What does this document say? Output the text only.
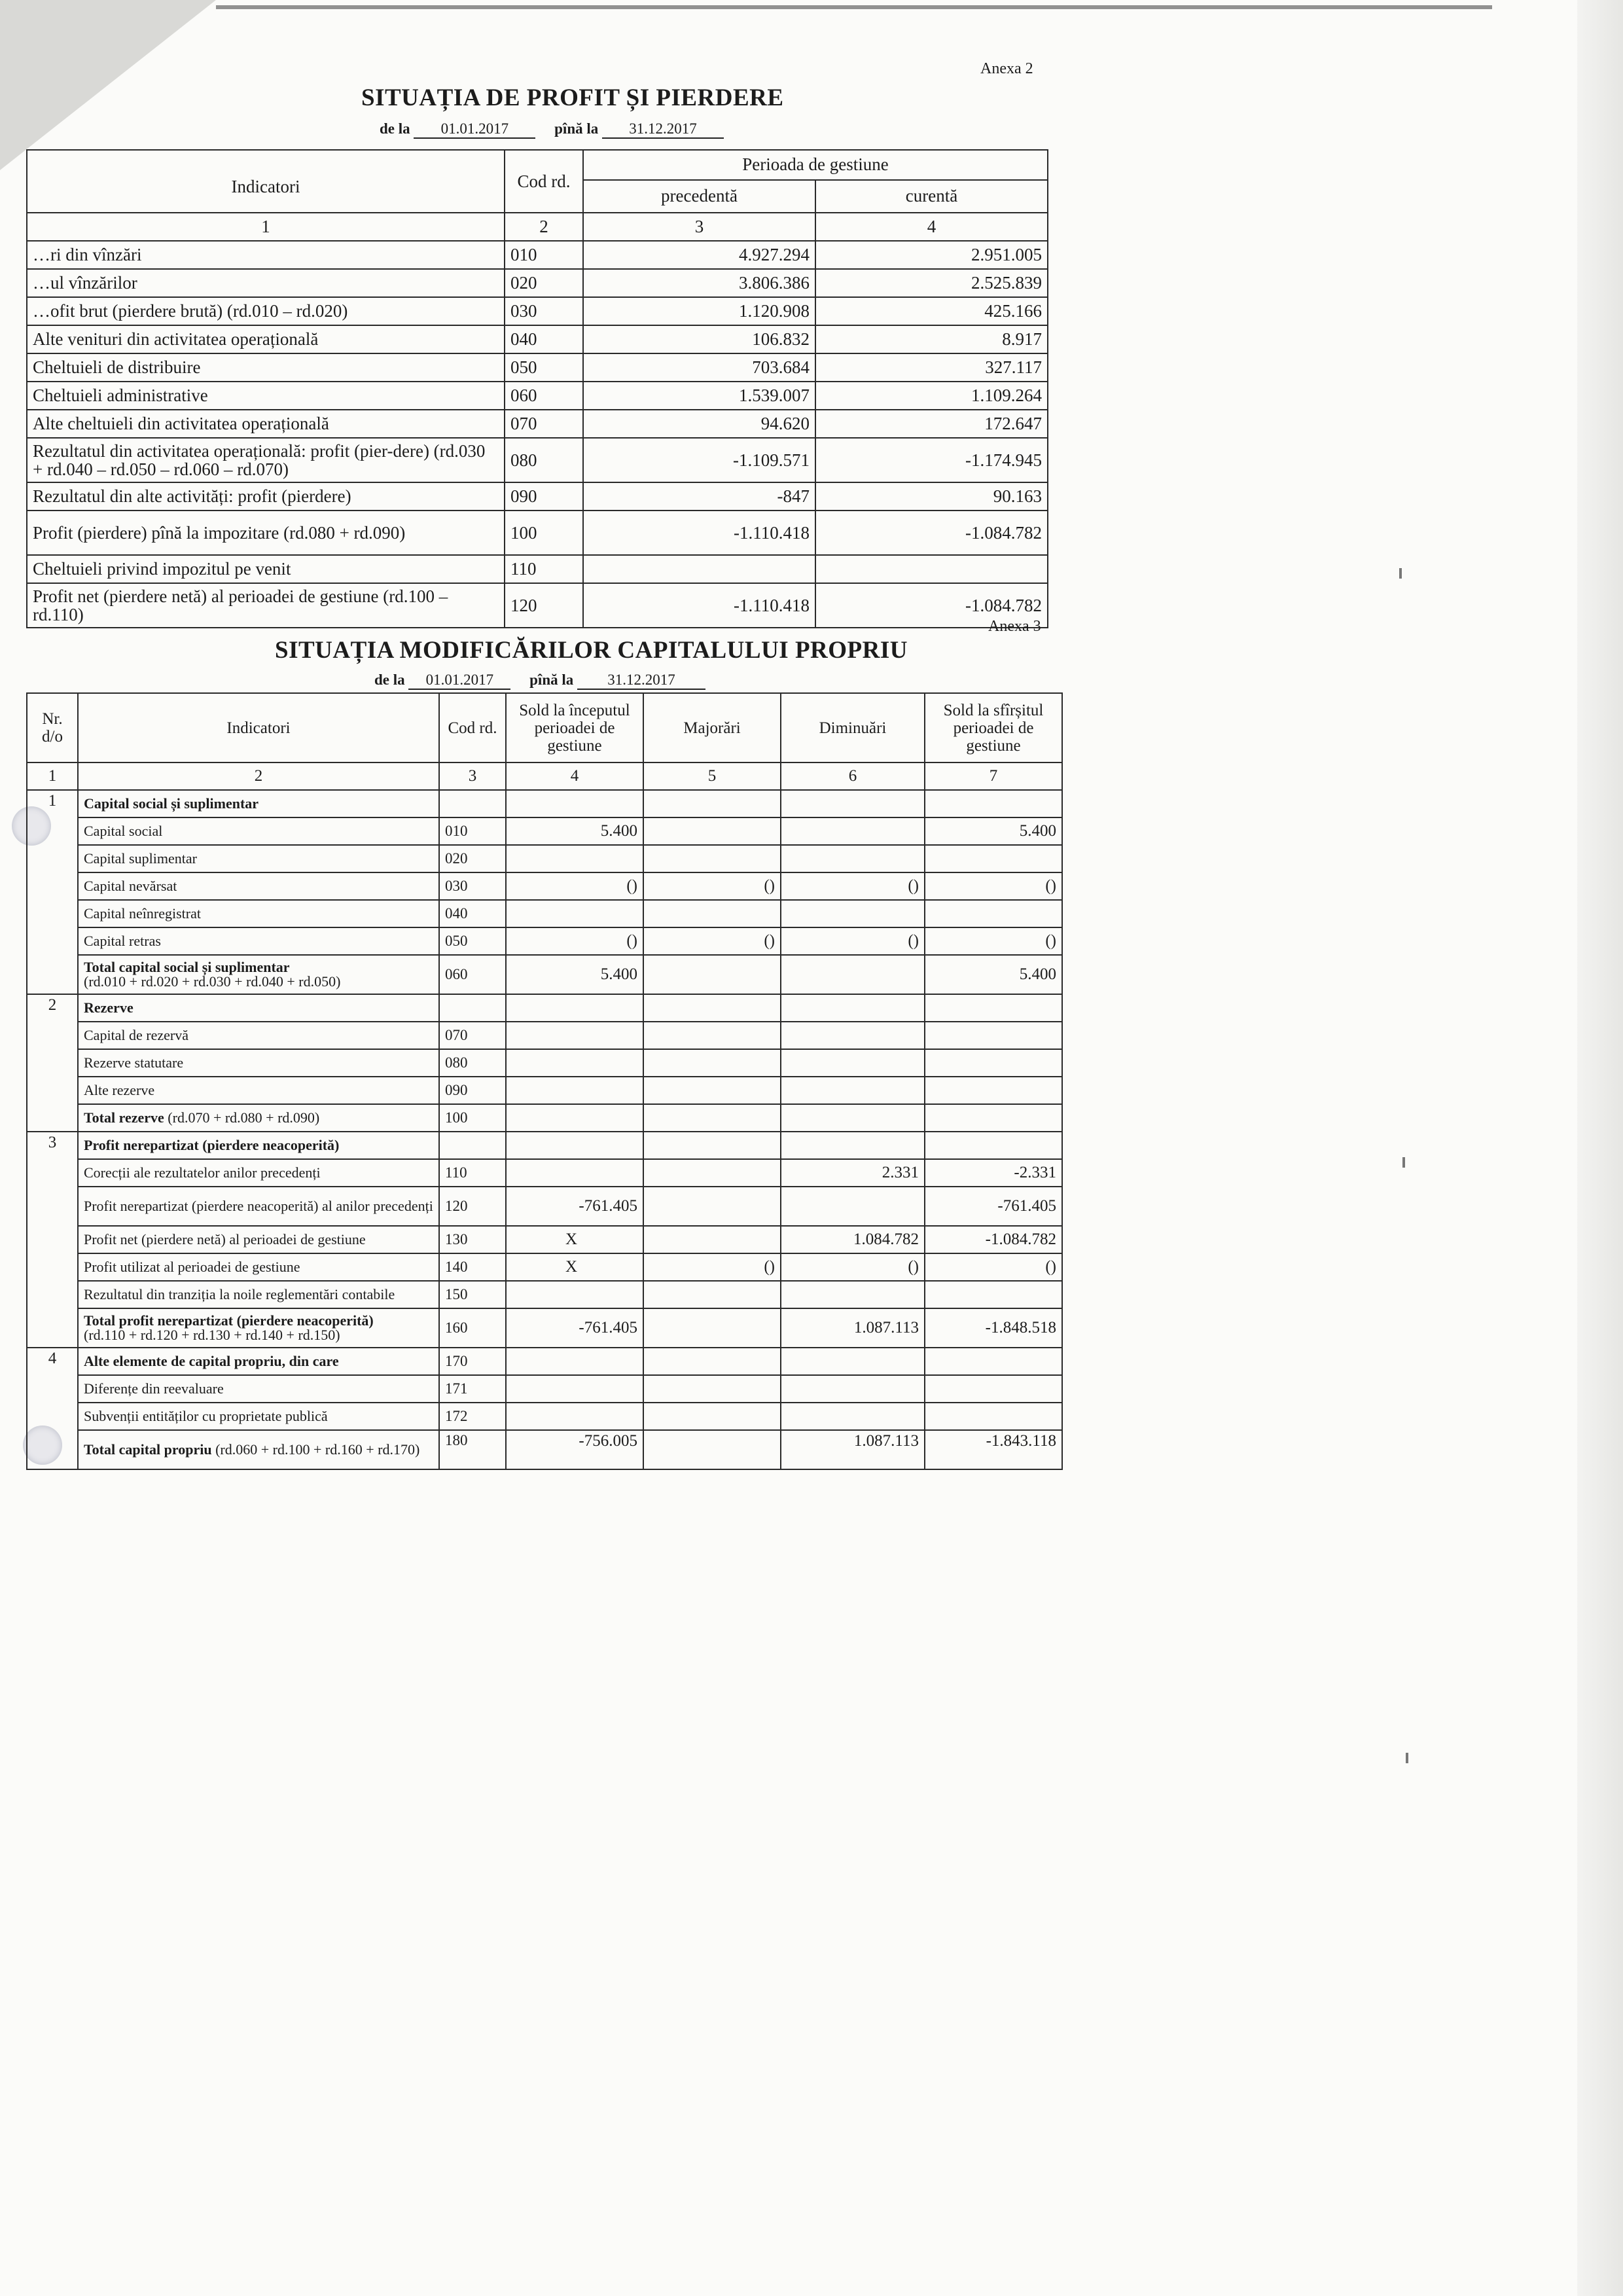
Anexa 2
SITUAȚIA DE PROFIT ȘI PIERDERE
de la 01.01.2017	pînă la 31.12.2017
Indicatori	Cod rd.	Perioada de gestiune	
		precedentă	curentă
1	2	3	4
…ri din vînzări	010	4.927.294	2.951.005
…ul vînzărilor	020	3.806.386	2.525.839
…ofit brut (pierdere brută) (rd.010 – rd.020)	030	1.120.908	425.166
Alte venituri din activitatea operațională	040	106.832	8.917
Cheltuieli de distribuire	050	703.684	327.117
Cheltuieli administrative	060	1.539.007	1.109.264
Alte cheltuieli din activitatea operațională	070	94.620	172.647
Rezultatul din activitatea operațională: profit (pier-dere) (rd.030 + rd.040 – rd.050 – rd.060 – rd.070)	080	-1.109.571	-1.174.945
Rezultatul din alte activități: profit (pierdere)	090	-847	90.163
Profit (pierdere) pînă la impozitare (rd.080 + rd.090)	100	-1.110.418	-1.084.782
Cheltuieli privind impozitul pe venit	110		
Profit net (pierdere netă) al perioadei de gestiune (rd.100 – rd.110)	120	-1.110.418	-1.084.782
Anexa 3
SITUAȚIA MODIFICĂRILOR CAPITALULUI PROPRIU
de la 01.01.2017 pînă la 31.12.2017
Nr. d/o	Indicatori	Cod rd.	Sold la începutul perioadei de gestiune	Majorări	Diminuări	Sold la sfîrșitul perioadei de gestiune
1	2	3	4	5	6	7
1	Capital social și suplimentar					
	Capital social	010	5.400			5.400
	Capital suplimentar	020				
	Capital nevărsat	030	()	()	()	()
	Capital neînregistrat	040				
	Capital retras	050	()	()	()	()
	Total capital social și suplimentar
(rd.010 + rd.020 + rd.030 + rd.040 + rd.050)	060	5.400			5.400
2	Rezerve					
	Capital de rezervă	070				
	Rezerve statutare	080				
	Alte rezerve	090				
	Total rezerve (rd.070 + rd.080 + rd.090)	100				
3	Profit nerepartizat (pierdere neacoperită)					
	Corecții ale rezultatelor anilor precedenți	110			2.331	-2.331
	Profit nerepartizat (pierdere neacoperită) al anilor precedenți	120	-761.405			-761.405
	Profit net (pierdere netă) al perioadei de gestiune	130	X		1.084.782	-1.084.782
	Profit utilizat al perioadei de gestiune	140	X	()	()	()
	Rezultatul din tranziția la noile reglementări contabile	150				
	Total profit nerepartizat (pierdere neacoperită)
(rd.110 + rd.120 + rd.130 + rd.140 + rd.150)	160	-761.405		1.087.113	-1.848.518
4	Alte elemente de capital propriu, din care	170				
	Diferențe din reevaluare	171				
	Subvenții entităților cu proprietate publică	172				
	Total capital propriu (rd.060 + rd.100 + rd.160 + rd.170)	180	-756.005		1.087.113	-1.843.118
